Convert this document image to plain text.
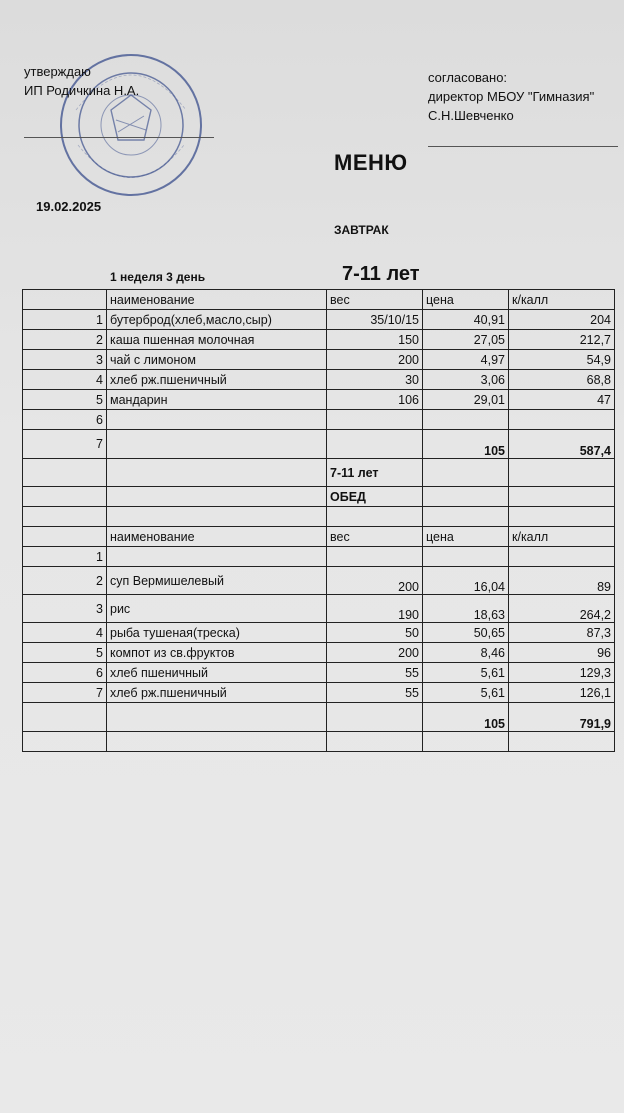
утверждаю
ИП Родичкина Н.А.
согласовано:
директор МБОУ "Гимназия"
С.Н.Шевченко
МЕНЮ
19.02.2025
ЗАВТРАК
1 неделя 3 день	7-11 лет
	наименование	вес	цена	к/калл
1	бутерброд(хлеб,масло,сыр)	35/10/15	40,91	204
2	каша пшенная молочная	150	27,05	212,7
3	чай с лимоном	200	4,97	54,9
4	хлеб рж.пшеничный	30	3,06	68,8
5	мандарин	106	29,01	47
6				
7			105	587,4
		7-11 лет		
		ОБЕД		

	наименование	вес	цена	к/калл
1				
2	суп Вермишелевый	200	16,04	89
3	рис	190	18,63	264,2
4	рыба тушеная(треска)	50	50,65	87,3
5	компот из св.фруктов	200	8,46	96
6	хлеб пшеничный	55	5,61	129,3
7	хлеб рж.пшеничный	55	5,61	126,1
			105	791,9
